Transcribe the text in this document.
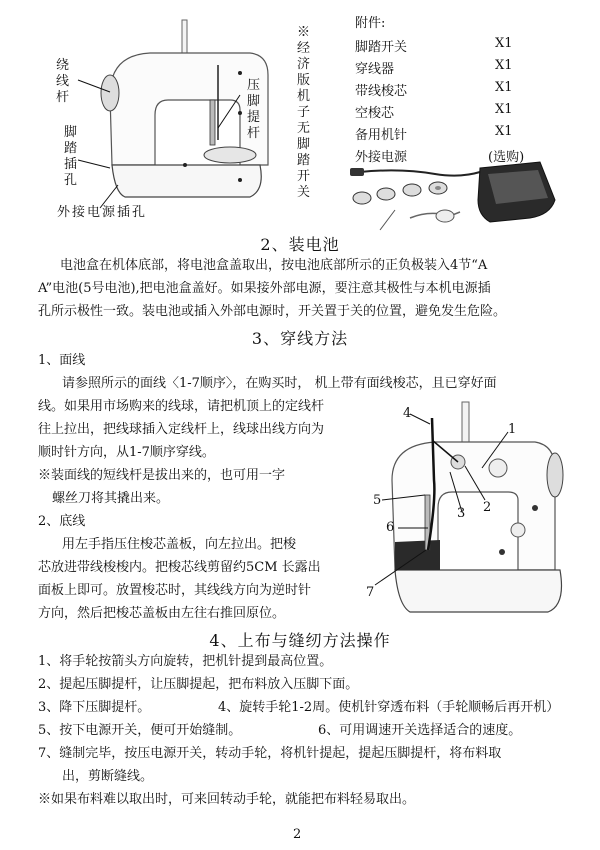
绕线杆
脚踏插孔
压脚提杆
外接电源插孔
※经济版机子无脚踏开关
附件:
脚踏开关	X1
穿线器	X1
带线梭芯	X1
空梭芯	X1
备用机针	X1
外接电源	(选购)
2、装电池
电池盒在机体底部，将电池盒盖取出，按电池底部所示的正负极装入4节“A
A”电池(5号电池),把电池盒盖好。如果接外部电源，要注意其极性与本机电源插
孔所示极性一致。装电池或插入外部电源时，开关置于关的位置，避免发生危险。
3、穿线方法
1、面线
请参照所示的面线〈1-7顺序〉，在购买时， 机上带有面线梭芯，且已穿好面
线。如果用市场购来的线球，请把机顶上的定线杆
往上拉出，把线球插入定线杆上，线球出线方向为
顺时针方向，从1-7顺序穿线。
※装面线的短线杆是拔出来的，也可用一字
螺丝刀将其撬出来。
2、底线
用左手指压住梭芯盖板，向左拉出。把梭
芯放进带线梭梭内。把梭芯线剪留约5CM 长露出
面板上即可。放置梭芯时，其线线方向为逆时针
方向，然后把梭芯盖板由左往右推回原位。
1
2
3
4
5
6
7
4、上布与缝纫方法操作
1、将手轮按箭头方向旋转，把机针提到最高位置。
2、提起压脚提杆，让压脚提起，把布料放入压脚下面。
3、降下压脚提杆。	4、旋转手轮1-2周。使机针穿透布料（手轮顺畅后再开机）
5、按下电源开关，便可开始缝制。	6、可用调速开关选择适合的速度。
7、缝制完毕，按压电源开关，转动手轮，将机针提起，提起压脚提杆，将布料取
出，剪断缝线。
※如果布料难以取出时，可来回转动手轮，就能把布料轻易取出。
2
